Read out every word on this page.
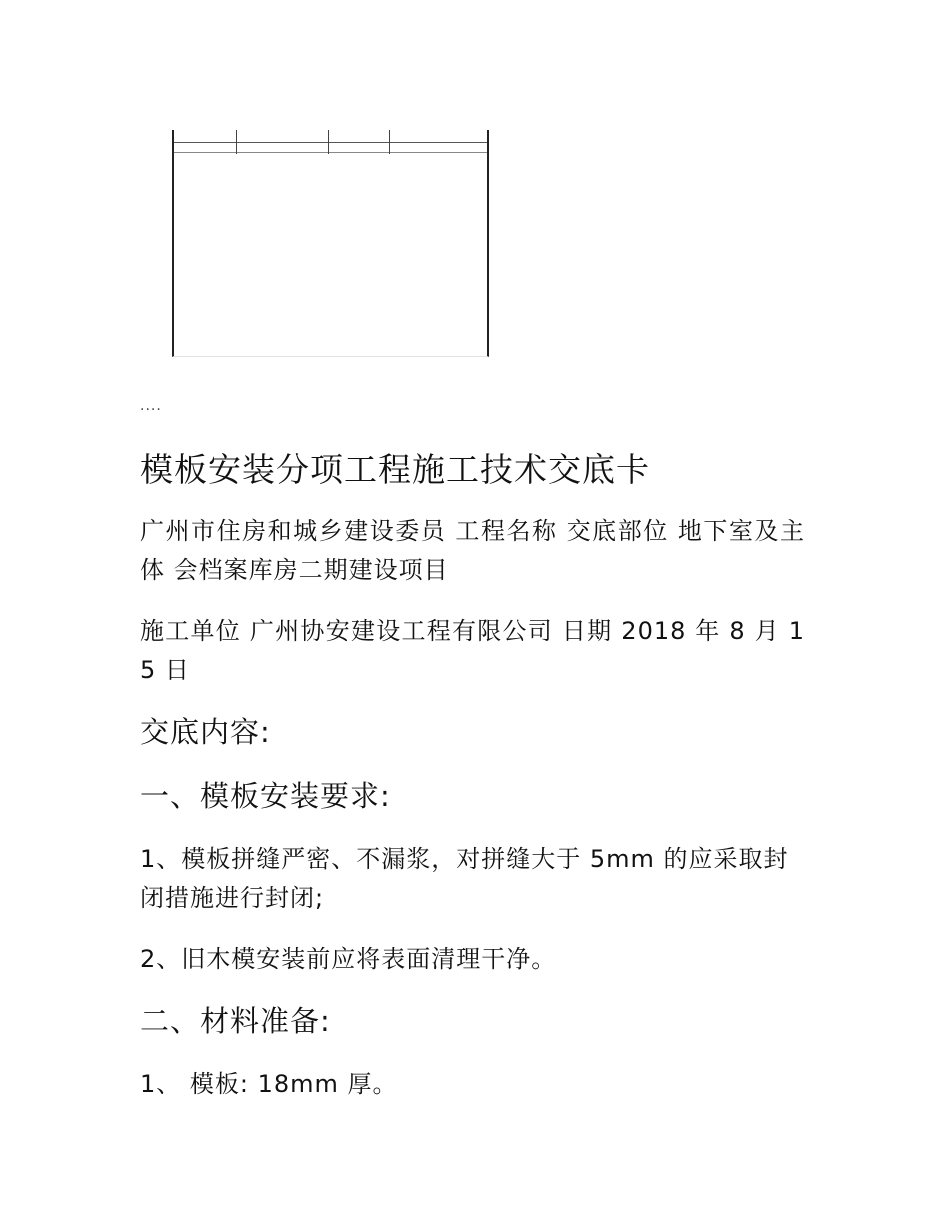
....
模板安装分项工程施工技术交底卡

广州市住房和城乡建设委员 工程名称 交底部位 地下室及主体 会档案库房二期建设项目

施工单位 广州协安建设工程有限公司 日期 2018 年 8 月 15 日

交底内容:
一、模板安装要求:

1、模板拼缝严密、不漏浆，对拼缝大于 5mm 的应采取封闭措施进行封闭;

2、旧木模安装前应将表面清理干净。

二、材料准备:

1、 模板: 18mm 厚。
